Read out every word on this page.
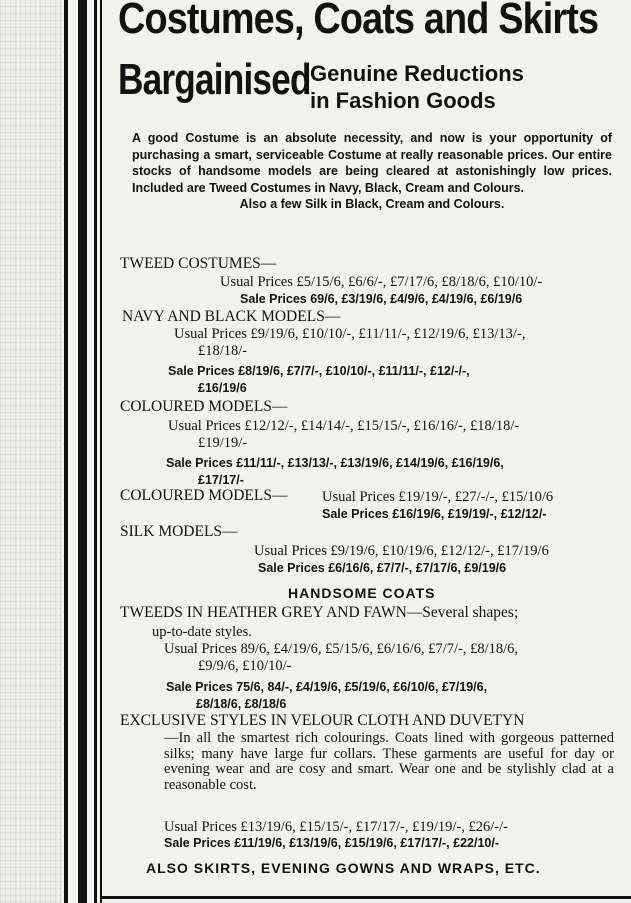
Costumes, Coats and Skirts
Bargainised Genuine Reductions
in Fashion Goods

A good Costume is an absolute necessity, and now is your opportunity of purchasing a smart, serviceable Costume at really reasonable prices. Our entire stocks of handsome models are being cleared at astonishingly low prices. Included are Tweed Costumes in Navy, Black, Cream and Colours.
Also a few Silk in Black, Cream and Colours.

TWEED COSTUMES—
Usual Prices £5/15/6, £6/6/-, £7/17/6, £8/18/6, £10/10/-
Sale Prices 69/6, £3/19/6, £4/9/6, £4/19/6, £6/19/6
NAVY AND BLACK MODELS—
Usual Prices £9/19/6, £10/10/-, £11/11/-, £12/19/6, £13/13/-,
£18/18/-
Sale Prices £8/19/6, £7/7/-, £10/10/-, £11/11/-, £12/-/-,
£16/19/6
COLOURED MODELS—
Usual Prices £12/12/-, £14/14/-, £15/15/-, £16/16/-, £18/18/-
£19/19/-
Sale Prices £11/11/-, £13/13/-, £13/19/6, £14/19/6, £16/19/6,
£17/17/-
COLOURED MODELS— Usual Prices £19/19/-, £27/-/-, £15/10/6
Sale Prices £16/19/6, £19/19/-, £12/12/-
SILK MODELS—
Usual Prices £9/19/6, £10/19/6, £12/12/-, £17/19/6
Sale Prices £6/16/6, £7/7/-, £7/17/6, £9/19/6
HANDSOME COATS
TWEEDS IN HEATHER GREY AND FAWN—Several shapes;
up-to-date styles.
Usual Prices 89/6, £4/19/6, £5/15/6, £6/16/6, £7/7/-, £8/18/6,
£9/9/6, £10/10/-
Sale Prices 75/6, 84/-, £4/19/6, £5/19/6, £6/10/6, £7/19/6,
£8/18/6, £8/18/6
EXCLUSIVE STYLES IN VELOUR CLOTH AND DUVETYN

—In all the smartest rich colourings. Coats lined with gorgeous patterned silks; many have large fur collars. These garments are useful for day or evening wear and are cosy and smart. Wear one and be stylishly clad at a reasonable cost.

Usual Prices £13/19/6, £15/15/-, £17/17/-, £19/19/-, £26/-/-
Sale Prices £11/19/6, £13/19/6, £15/19/6, £17/17/-, £22/10/-
ALSO SKIRTS, EVENING GOWNS AND WRAPS, ETC.
